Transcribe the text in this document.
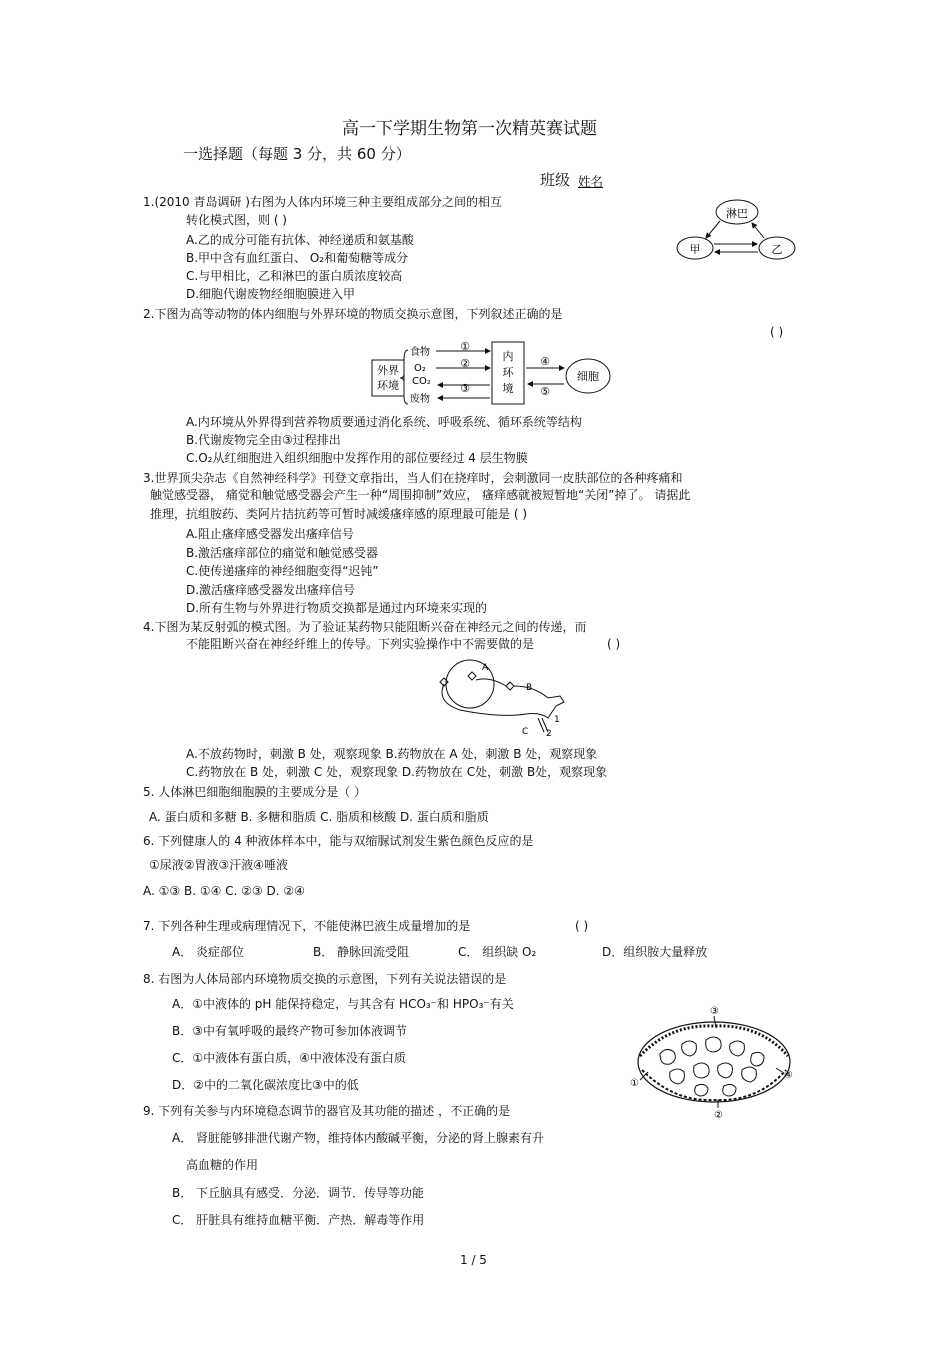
高一下学期生物第一次精英赛试题
一选择题（每题 3 分，共 60 分）
班级 姓名
1.(2010 青岛调研 )右图为人体内环境三种主要组成部分之间的相互
转化模式图，则 ( )
A.乙的成分可能有抗体、神经递质和氨基酸
B.甲中含有血红蛋白、 O₂和葡萄糖等成分
C.与甲相比，乙和淋巴的蛋白质浓度较高
D.细胞代谢废物经细胞膜进入甲
淋巴
甲	乙
2.下图为高等动物的体内细胞与外界环境的物质交换示意图，下列叙述正确的是
( )
外界
环境
食物
O₂
CO₂
废物
①
②
③
内
环
境
④
⑤
细胞
A.内环境从外界得到营养物质要通过消化系统、呼吸系统、循环系统等结构
B.代谢废物完全由③过程排出
C.O₂从红细胞进入组织细胞中发挥作用的部位要经过 4 层生物膜
3.世界顶尖杂志《自然神经科学》刊登文章指出，当人们在挠痒时，会刺激同一皮肤部位的各种疼痛和
触觉感受器， 痛觉和触觉感受器会产生一种“周围抑制”效应， 瘙痒感就被短暂地“关闭”掉了。 请据此
推理，抗组胺药、类阿片拮抗药等可暂时减缓瘙痒感的原理最可能是 ( )
A.阻止瘙痒感受器发出瘙痒信号
B.激活瘙痒部位的痛觉和触觉感受器
C.使传递瘙痒的神经细胞变得“迟钝”
D.激活瘙痒感受器发出瘙痒信号
D.所有生物与外界进行物质交换都是通过内环境来实现的
4.下图为某反射弧的模式图。为了验证某药物只能阻断兴奋在神经元之间的传递，而
不能阻断兴奋在神经纤维上的传导。下列实验操作中不需要做的是	( )
A
B
C
1
2
A.不放药物时，刺激 B 处，观察现象 B.药物放在 A 处，刺激 B 处，观察现象
C.药物放在 B 处，刺激 C 处，观察现象 D.药物放在 C处，刺激 B处，观察现象
5. 人体淋巴细胞细胞膜的主要成分是（ ）
A. 蛋白质和多糖 B. 多糖和脂质 C. 脂质和核酸 D. 蛋白质和脂质
6. 下列健康人的 4 种液体样本中，能与双缩脲试剂发生紫色颜色反应的是
①尿液②胃液③汗液④唾液
A. ①③ B. ①④ C. ②③ D. ②④
7. 下列各种生理或病理情况下，不能使淋巴液生成量增加的是	( )
A． 炎症部位	B． 静脉回流受阻	C． 组织缺 O₂	D．组织胺大量释放
8. 右图为人体局部内环境物质交换的示意图，下列有关说法错误的是
A．①中液体的 pH 能保持稳定，与其含有 HCO₃⁻和 HPO₃⁻有关
B．③中有氧呼吸的最终产物可参加体液调节
C．①中液体有蛋白质，④中液体没有蛋白质
D．②中的二氧化碳浓度比③中的低
③
①
②
④
9. 下列有关参与内环境稳态调节的器官及其功能的描述 ，不正确的是
A． 肾脏能够排泄代谢产物，维持体内酸碱平衡，分泌的肾上腺素有升
高血糖的作用
B． 下丘脑具有感受．分泌．调节．传导等功能
C． 肝脏具有维持血糖平衡．产热．解毒等作用
1 / 5
